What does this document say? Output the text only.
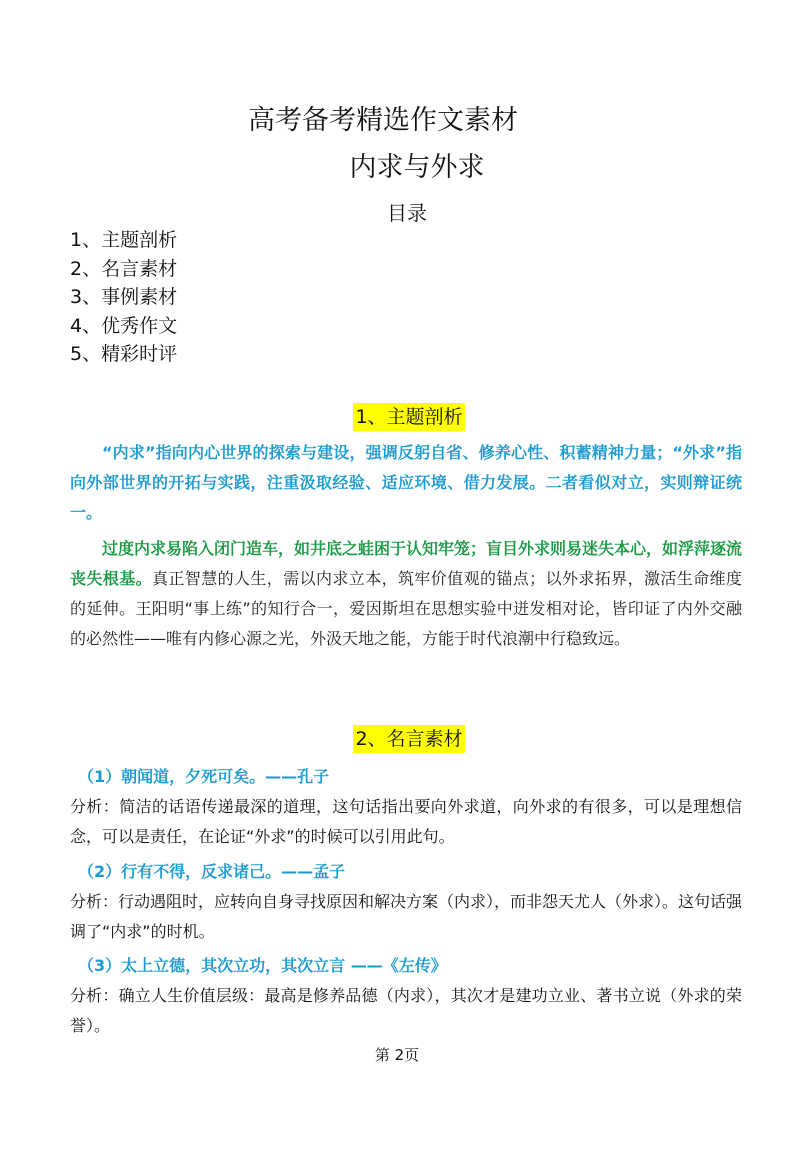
高考备考精选作文素材
内求与外求
目录
1、主题剖析
2、名言素材
3、事例素材
4、优秀作文
5、精彩时评
1、主题剖析

“内求”指向内心世界的探索与建设，强调反躬自省、修养心性、积蓄精神力量；“外求”指向外部世界的开拓与实践，注重汲取经验、适应环境、借力发展。二者看似对立，实则辩证统一。

过度内求易陷入闭门造车，如井底之蛙困于认知牢笼；盲目外求则易迷失本心，如浮萍逐流丧失根基。真正智慧的人生，需以内求立本，筑牢价值观的锚点；以外求拓界，激活生命维度的延伸。王阳明“事上练”的知行合一，爱因斯坦在思想实验中迸发相对论，皆印证了内外交融的必然性——唯有内修心源之光，外汲天地之能，方能于时代浪潮中行稳致远。

2、名言素材
（1）朝闻道，夕死可矣。——孔子

分析：简洁的话语传递最深的道理，这句话指出要向外求道，向外求的有很多，可以是理想信念，可以是责任，在论证“外求”的时候可以引用此句。

（2）行有不得，反求诸己。——孟子

分析：行动遇阻时，应转向自身寻找原因和解决方案（内求），而非怨天尤人（外求）。这句话强调了“内求”的时机。

（3）太上立德，其次立功，其次立言 ——《左传》

分析：确立人生价值层级：最高是修养品德（内求），其次才是建功立业、著书立说（外求的荣誉）。

第 2页
